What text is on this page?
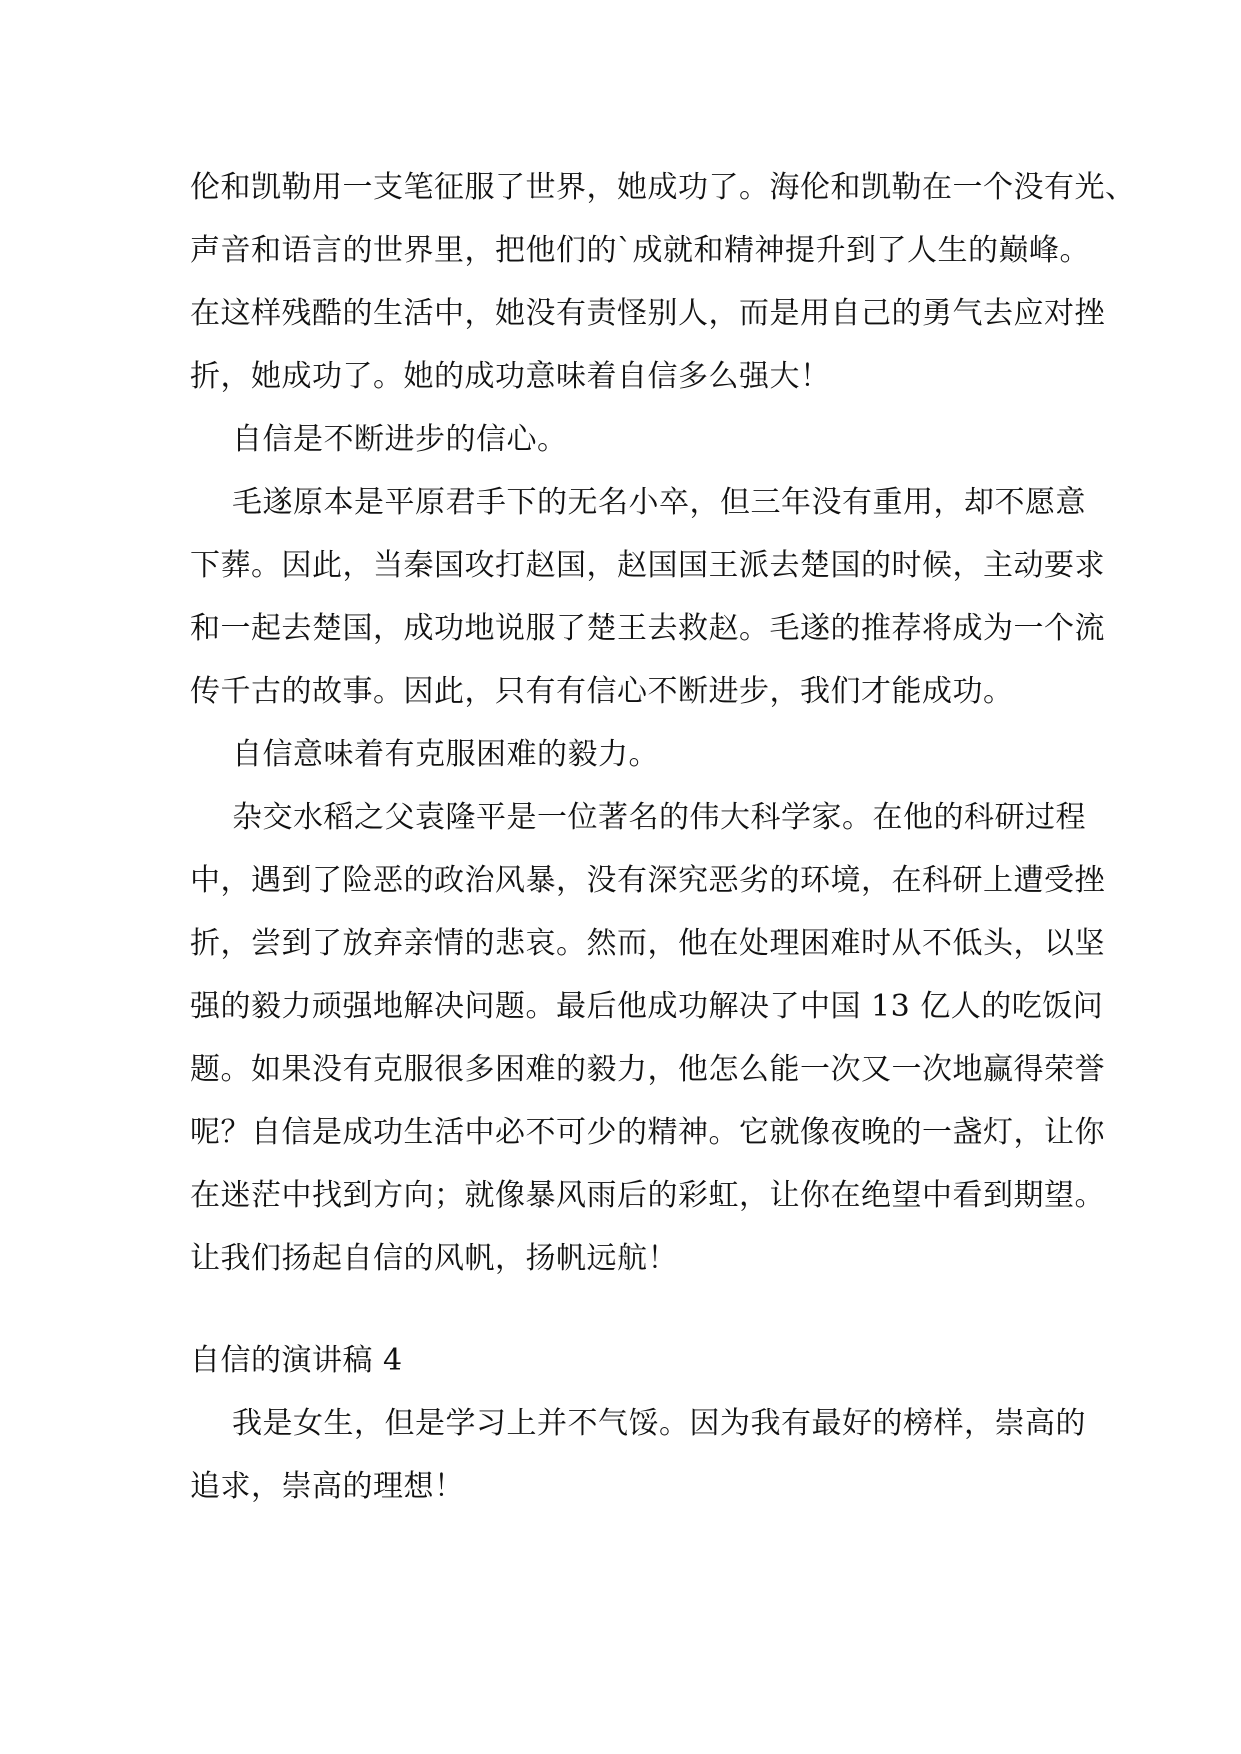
伦和凯勒用一支笔征服了世界，她成功了。海伦和凯勒在一个没有光、
声音和语言的世界里，把他们的`成就和精神提升到了人生的巅峰。
在这样残酷的生活中，她没有责怪别人，而是用自己的勇气去应对挫
折，她成功了。她的成功意味着自信多么强大！
自信是不断进步的信心。
毛遂原本是平原君手下的无名小卒，但三年没有重用，却不愿意
下葬。因此，当秦国攻打赵国，赵国国王派去楚国的时候，主动要求
和一起去楚国，成功地说服了楚王去救赵。毛遂的推荐将成为一个流
传千古的故事。因此，只有有信心不断进步，我们才能成功。
自信意味着有克服困难的毅力。
杂交水稻之父袁隆平是一位著名的伟大科学家。在他的科研过程
中，遇到了险恶的政治风暴，没有深究恶劣的环境，在科研上遭受挫
折，尝到了放弃亲情的悲哀。然而，他在处理困难时从不低头，以坚
强的毅力顽强地解决问题。最后他成功解决了中国 13 亿人的吃饭问
题。如果没有克服很多困难的毅力，他怎么能一次又一次地赢得荣誉
呢？自信是成功生活中必不可少的精神。它就像夜晚的一盏灯，让你
在迷茫中找到方向；就像暴风雨后的彩虹，让你在绝望中看到期望。
让我们扬起自信的风帆，扬帆远航！
自信的演讲稿 4
我是女生，但是学习上并不气馁。因为我有最好的榜样，崇高的
追求，崇高的理想！
